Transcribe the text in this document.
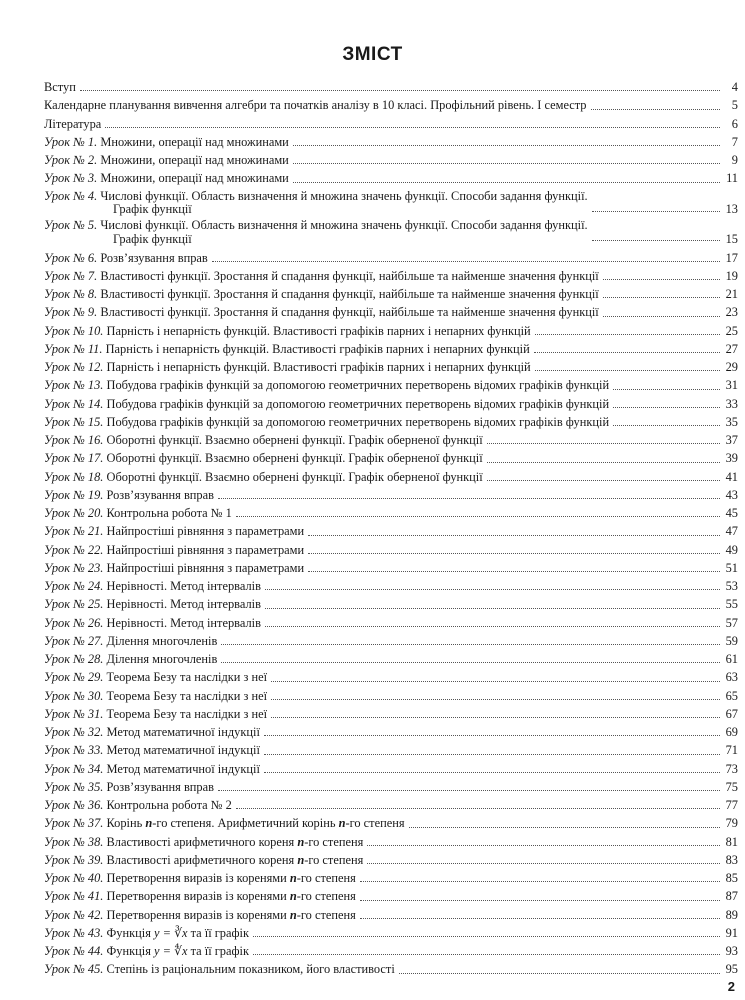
ЗМІСТ
Вступ	4
Календарне планування вивчення алгебри та початків аналізу в 10 класі. Профільний рівень. І семестр	5
Література	6
Урок № 1. Множини, операції над множинами	7
Урок № 2. Множини, операції над множинами	9
Урок № 3. Множини, операції над множинами	11
Урок № 4. Числові функції. Область визначення й множина значень функції. Способи задання функції.
Графік функції	13
Урок № 5. Числові функції. Область визначення й множина значень функції. Способи задання функції.
Графік функції	15
Урок № 6. Розв’язування вправ	17
Урок № 7. Властивості функції. Зростання й спадання функції, найбільше та найменше значення функції	19
Урок № 8. Властивості функції. Зростання й спадання функції, найбільше та найменше значення функції	21
Урок № 9. Властивості функції. Зростання й спадання функції, найбільше та найменше значення функції	23
Урок № 10. Парність і непарність функцій. Властивості графіків парних і непарних функцій	25
Урок № 11. Парність і непарність функцій. Властивості графіків парних і непарних функцій	27
Урок № 12. Парність і непарність функцій. Властивості графіків парних і непарних функцій	29
Урок № 13. Побудова графіків функцій за допомогою геометричних перетворень відомих графіків функцій	31
Урок № 14. Побудова графіків функцій за допомогою геометричних перетворень відомих графіків функцій	33
Урок № 15. Побудова графіків функцій за допомогою геометричних перетворень відомих графіків функцій	35
Урок № 16. Оборотні функції. Взаємно обернені функції. Графік оберненої функції	37
Урок № 17. Оборотні функції. Взаємно обернені функції. Графік оберненої функції	39
Урок № 18. Оборотні функції. Взаємно обернені функції. Графік оберненої функції	41
Урок № 19. Розв’язування вправ	43
Урок № 20. Контрольна робота № 1	45
Урок № 21. Найпростіші рівняння з параметрами	47
Урок № 22. Найпростіші рівняння з параметрами	49
Урок № 23. Найпростіші рівняння з параметрами	51
Урок № 24. Нерівності. Метод інтервалів	53
Урок № 25. Нерівності. Метод інтервалів	55
Урок № 26. Нерівності. Метод інтервалів	57
Урок № 27. Ділення многочленів	59
Урок № 28. Ділення многочленів	61
Урок № 29. Теорема Безу та наслідки з неї	63
Урок № 30. Теорема Безу та наслідки з неї	65
Урок № 31. Теорема Безу та наслідки з неї	67
Урок № 32. Метод математичної індукції	69
Урок № 33. Метод математичної індукції	71
Урок № 34. Метод математичної індукції	73
Урок № 35. Розв’язування вправ	75
Урок № 36. Контрольна робота № 2	77
Урок № 37. Корінь n-го степеня. Арифметичний корінь n-го степеня	79
Урок № 38. Властивості арифметичного кореня n-го степеня	81
Урок № 39. Властивості арифметичного кореня n-го степеня	83
Урок № 40. Перетворення виразів із коренями n-го степеня	85
Урок № 41. Перетворення виразів із коренями n-го степеня	87
Урок № 42. Перетворення виразів із коренями n-го степеня	89
Урок № 43. Функція y = ∛x та її графік	91
Урок № 44. Функція y = ∜x та її графік	93
Урок № 45. Степінь із раціональним показником, його властивості	95
2
